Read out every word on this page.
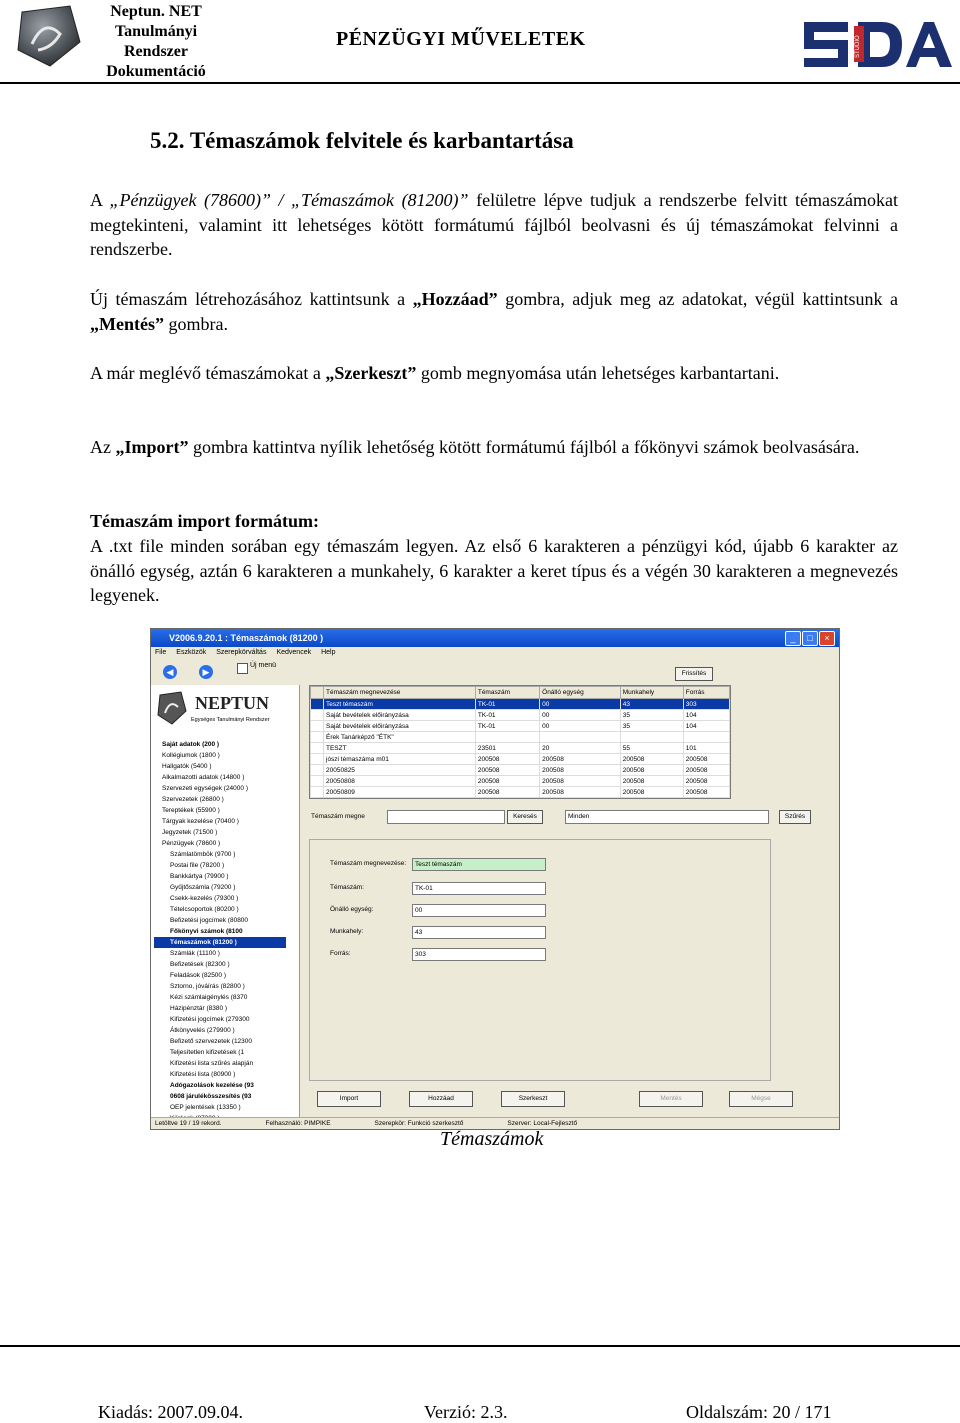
Neptun. NET
Tanulmányi
Rendszer
Dokumentáció
PÉNZÜGYI MŰVELETEK	STUDIO
5.2. Témaszámok felvitele és karbantartása
A „Pénzügyek (78600)” / „Témaszámok (81200)” felületre lépve tudjuk a rendszerbe felvitt témaszámokat megtekinteni, valamint itt lehetséges kötött formátumú fájlból beolvasni és új témaszámokat felvinni a rendszerbe.
Új témaszám létrehozásához kattintsunk a „Hozzáad” gombra, adjuk meg az adatokat, végül kattintsunk a „Mentés” gombra.
A már meglévő témaszámokat a „Szerkeszt” gomb megnyomása után lehetséges karbantartani.
Az „Import” gombra kattintva nyílik lehetőség kötött formátumú fájlból a főkönyvi számok beolvasására.
Témaszám import formátum:
A .txt file minden sorában egy témaszám legyen. Az első 6 karakteren a pénzügyi kód, újabb 6 karakter az önálló egység, aztán 6 karakteren a munkahely, 6 karakter a keret típus és a végén 30 karakteren a megnevezés legyenek.
V2006.9.20.1 : Témaszámok (81200 )	_	□	×
File Eszközök Szerepkörváltás Kedvencek Help
◀	▶
Új menü
NEPTUN
Egységes Tanulmányi Rendszer
Saját adatok (200 )
Kollégiumok (1800 )
Hallgatók (5400 )
Alkalmazotti adatok (14800 )
Szervezeti egységek (24000 )
Szervezetek (26800 )
Tereptékek (55900 )
Tárgyak kezelése (70400 )
Jegyzetek (71500 )
Pénzügyek (78600 )
Számlatömbök (9700 )
Postai file (78200 )
Bankkártya (79900 )
Gyűjtőszámla (79200 )
Csekk-kezelés (79300 )
Tételcsoportok (80200 )
Befizetési jogcímek (80800
Főkönyvi számok (8100
Témaszámok (81200 )
Számlák (11100 )
Befizetések (82300 )
Feladások (82500 )
Sztorno, jóváírás (82800 )
Kézi számlaigénylés (8370
Házipénztár (8380 )
Kifizetési jogcímek (279300
Átkönyvelés (279900 )
Befizető szervezetek (12300
Teljesítetlen kifizetések (1
Kifizetési lista szűrés alapján
Kifizetési lista (80900 )
Adógazolások kezelése (93
0608 járulékösszesítés (93
OEP jelentések (13350 )
Frissítés
	Témaszám megnevezése	Témaszám	Önálló egység	Munkahely	Forrás
	Teszt témaszám	TK-01	00	43	303
	Saját bevételek előirányzása	TK-01	00	35	104
	Saját bevételek előirányzása	TK-01	00	35	104
	Érek Tanárképző "ÉTK"				
	TESZT	23501	20	55	101
	jószi témaszáma m01	200508	200508	200508	200508
	20050825	200508	200508	200508	200508
	20050808	200508	200508	200508	200508
	20050809	200508	200508	200508	200508
Témaszám megne	Keresés	Minden	Szűrés
Témaszám megnevezése:	Teszt témaszám
Témaszám:	TK-01
Önálló egység:	00
Munkahely:	43
Forrás:	303
Import	Hozzáad	Szerkeszt	Mentés	Mégse
Letöltve 19 / 19 rekord.	Felhasználó: PIMPIKE	Szerepkör: Funkció szerkesztő	Szerver: Local-Fejlesztő
Témaszámok
Kiadás: 2007.09.04.	Verzió: 2.3.	Oldalszám: 20 / 171
